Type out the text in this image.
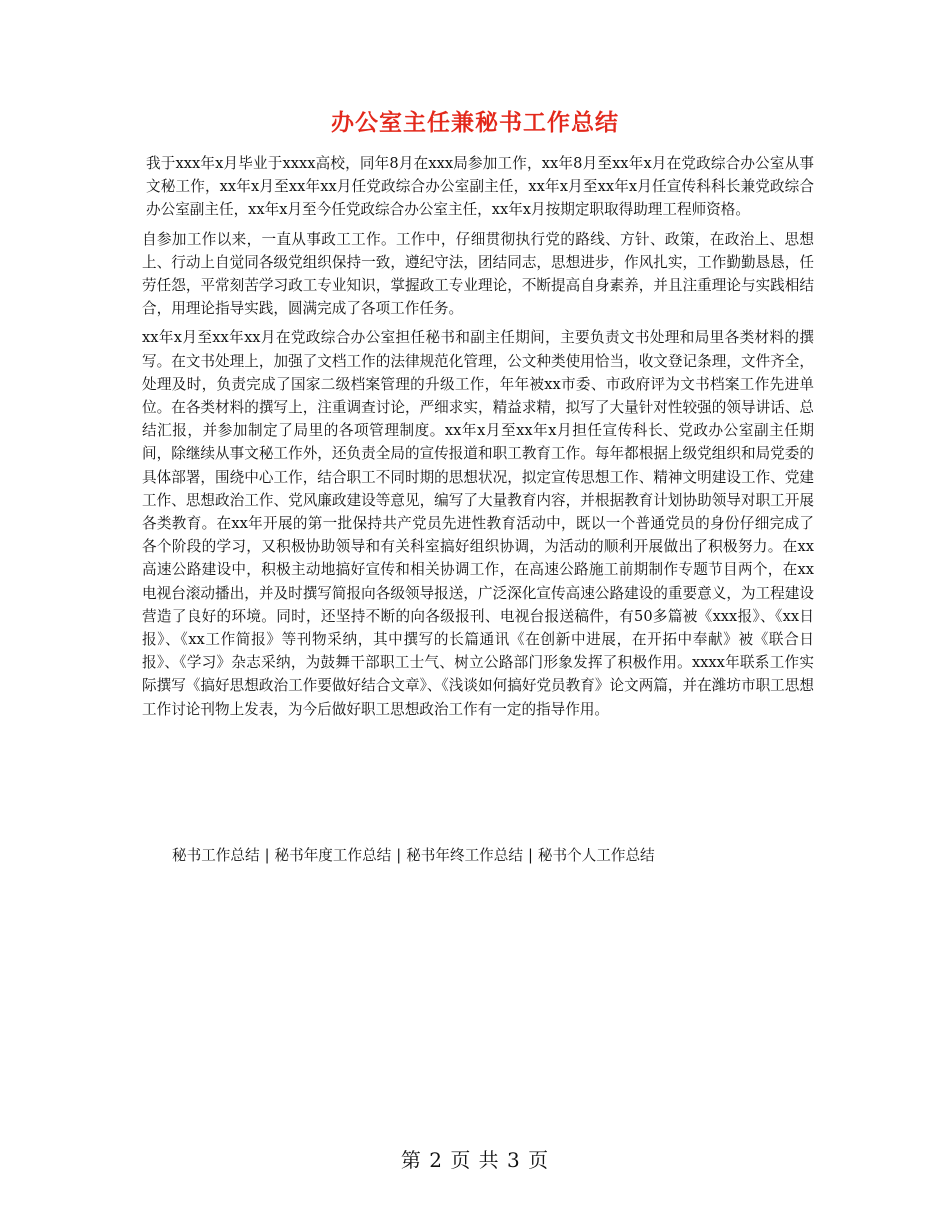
办公室主任兼秘书工作总结

我于xxx年x月毕业于xxxx高校，同年8月在xxx局参加工作，xx年8月至xx年x月在党政综合办公室从事文秘工作，xx年x月至xx年xx月任党政综合办公室副主任，xx年x月至xx年x月任宣传科科长兼党政综合办公室副主任，xx年x月至今任党政综合办公室主任，xx年x月按期定职取得助理工程师资格。

自参加工作以来，一直从事政工工作。工作中，仔细贯彻执行党的路线、方针、政策，在政治上、思想上、行动上自觉同各级党组织保持一致，遵纪守法，团结同志，思想进步，作风扎实，工作勤勤恳恳，任劳任怨，平常刻苦学习政工专业知识，掌握政工专业理论，不断提高自身素养，并且注重理论与实践相结合，用理论指导实践，圆满完成了各项工作任务。

xx年x月至xx年xx月在党政综合办公室担任秘书和副主任期间，主要负责文书处理和局里各类材料的撰写。在文书处理上，加强了文档工作的法律规范化管理，公文种类使用恰当，收文登记条理，文件齐全，处理及时，负责完成了国家二级档案管理的升级工作，年年被xx市委、市政府评为文书档案工作先进单位。在各类材料的撰写上，注重调查讨论，严细求实，精益求精，拟写了大量针对性较强的领导讲话、总结汇报，并参加制定了局里的各项管理制度。xx年x月至xx年x月担任宣传科长、党政办公室副主任期间，除继续从事文秘工作外，还负责全局的宣传报道和职工教育工作。每年都根据上级党组织和局党委的具体部署，围绕中心工作，结合职工不同时期的思想状况，拟定宣传思想工作、精神文明建设工作、党建工作、思想政治工作、党风廉政建设等意见，编写了大量教育内容，并根据教育计划协助领导对职工开展各类教育。在xx年开展的第一批保持共产党员先进性教育活动中，既以一个普通党员的身份仔细完成了各个阶段的学习，又积极协助领导和有关科室搞好组织协调，为活动的顺利开展做出了积极努力。在xx高速公路建设中，积极主动地搞好宣传和相关协调工作，在高速公路施工前期制作专题节目两个，在xx电视台滚动播出，并及时撰写简报向各级领导报送，广泛深化宣传高速公路建设的重要意义，为工程建设营造了良好的环境。同时，还坚持不断的向各级报刊、电视台报送稿件，有50多篇被《xxx报》、《xx日报》、《xx工作简报》等刊物采纳，其中撰写的长篇通讯《在创新中进展，在开拓中奉献》被《联合日报》、《学习》杂志采纳，为鼓舞干部职工士气、树立公路部门形象发挥了积极作用。xxxx年联系工作实际撰写《搞好思想政治工作要做好结合文章》、《浅谈如何搞好党员教育》论文两篇，并在潍坊市职工思想工作讨论刊物上发表，为今后做好职工思想政治工作有一定的指导作用。

秘书工作总结 | 秘书年度工作总结 | 秘书年终工作总结 | 秘书个人工作总结
第 2 页 共 3 页
